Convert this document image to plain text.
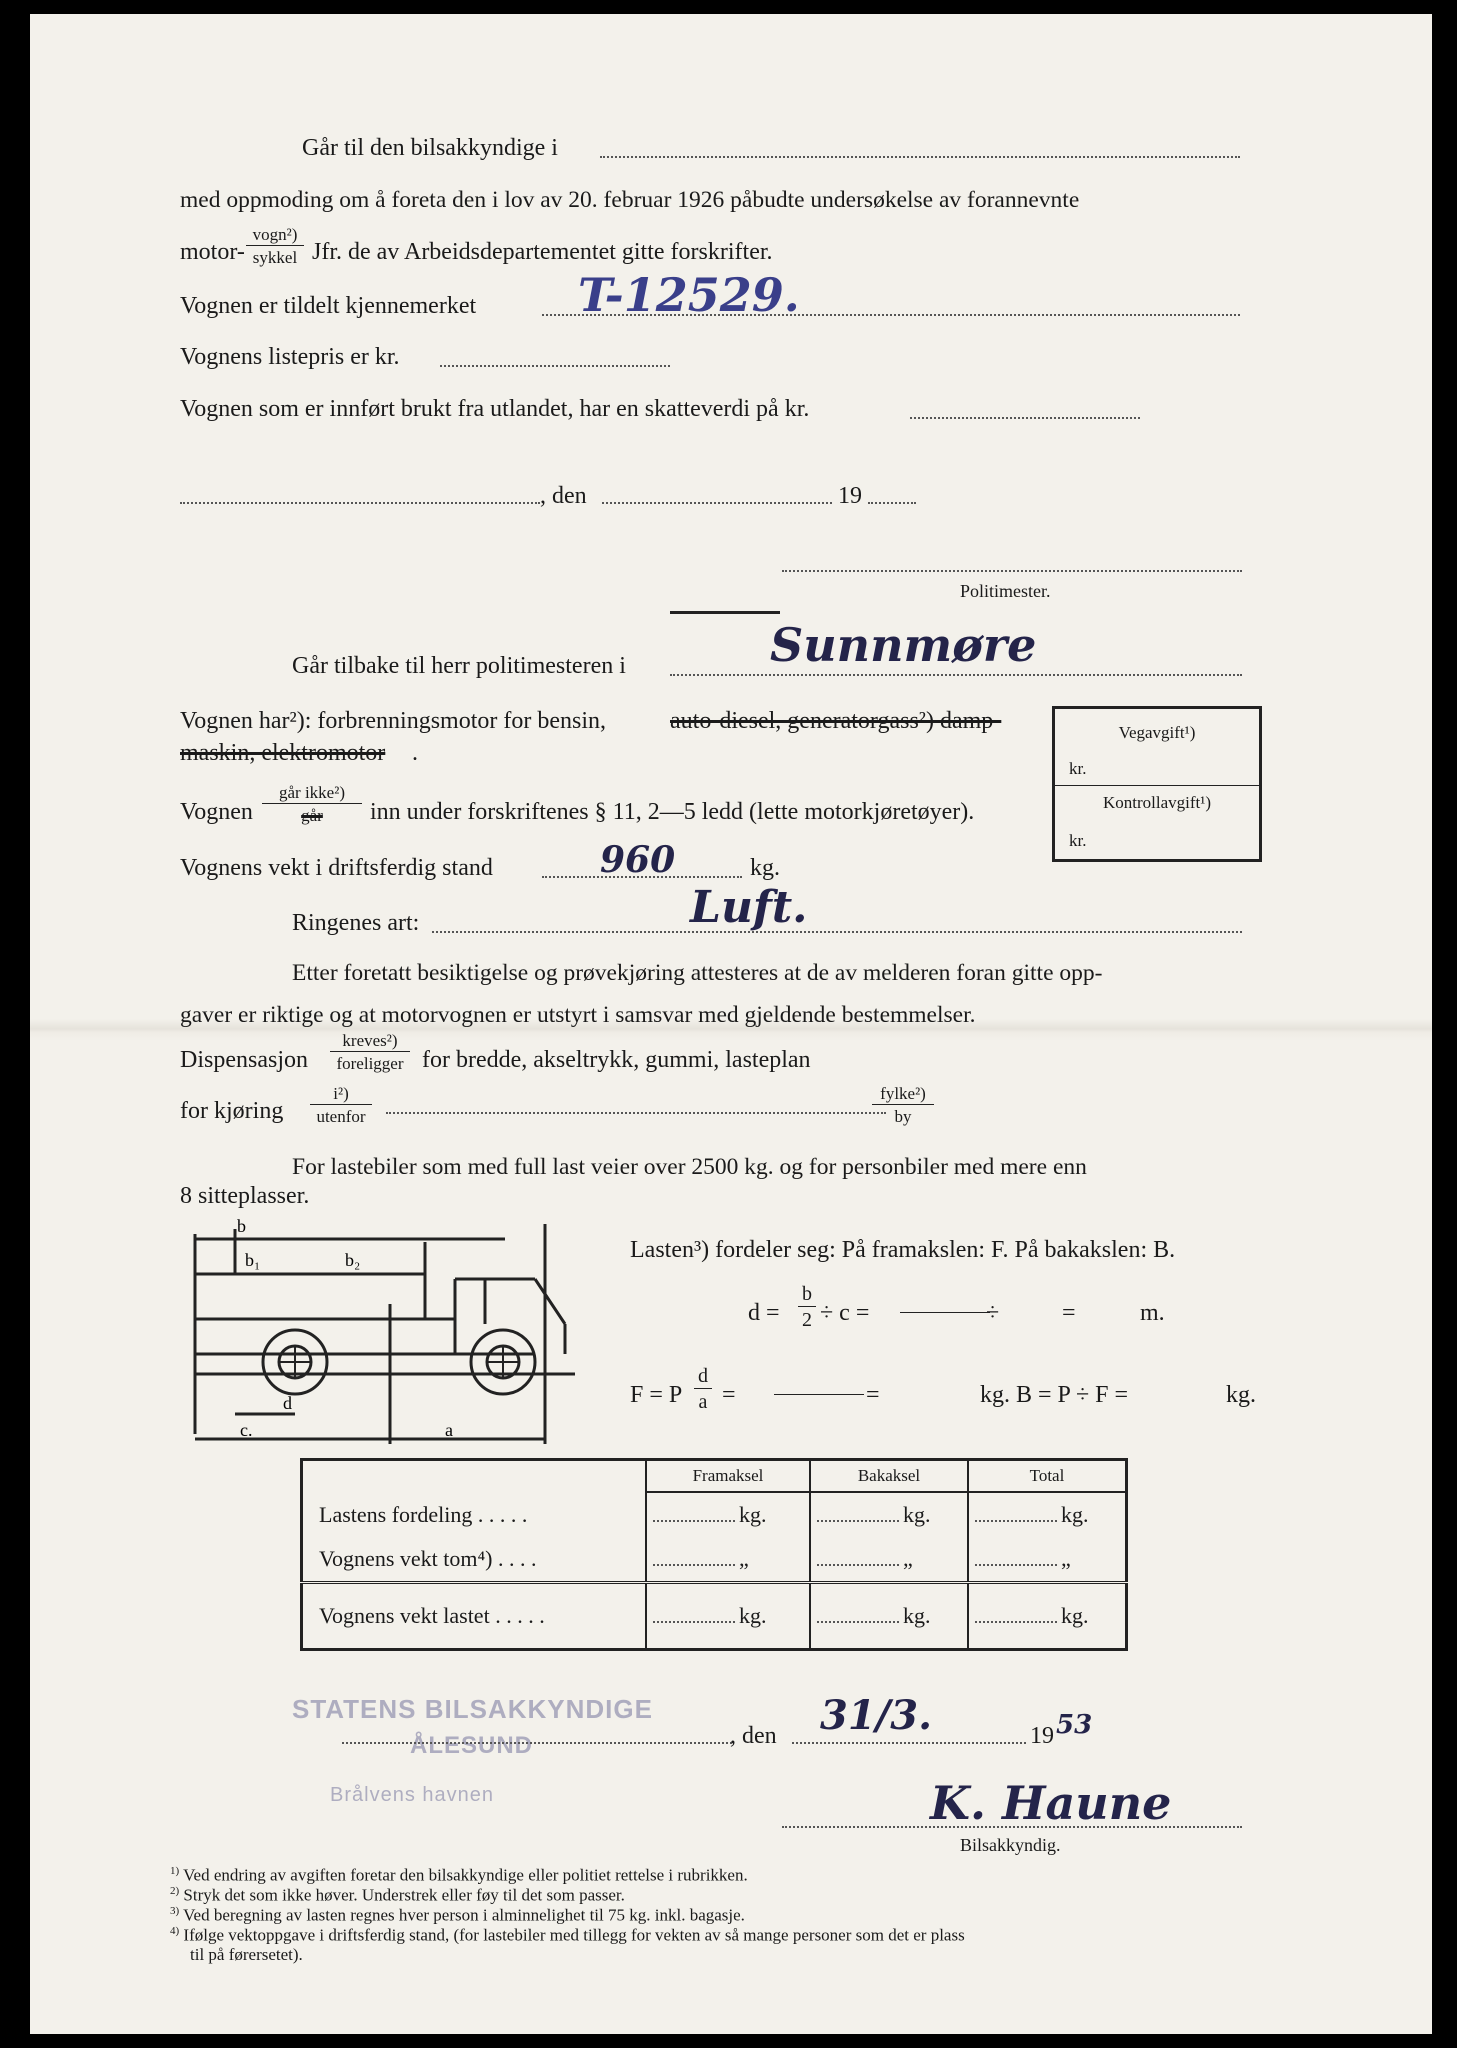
Går til den bilsakkyndige i
med oppmoding om å foreta den i lov av 20. februar 1926 påbudte undersøkelse av forannevnte
motor-
vogn²)
sykkel Jfr. de av Arbeidsdepartementet gitte forskrifter.
Vognen er tildelt kjennemerket T-12529.
Vognens listepris er kr.
Vognen som er innført brukt fra utlandet, har en skatteverdi på kr.
, den	19
Politimester.
Går tilbake til herr politimesteren i	Sunnmøre
Vognen har²): forbrenningsmotor for bensin,	auto-diesel, generatorgass²) damp-
maskin, elektromotor .
Vegavgift¹)
kr.
Kontrollavgift¹)
kr.
Vognen
går ikke²)
går	inn under forskriftenes § 11, 2—5 ledd (lette motorkjøretøyer).
Vognens vekt i driftsferdig stand	960	kg.
Ringenes art:	Luft.
Etter foretatt besiktigelse og prøvekjøring attesteres at de av melderen foran gitte opp-
gaver er riktige og at motorvognen er utstyrt i samsvar med gjeldende bestemmelser.
Dispensasjon
kreves²)
foreligger for bredde, akseltrykk, gummi, lasteplan
for kjøring
i²)
utenfor
fylke²)
by
For lastebiler som med full last veier over 2500 kg. og for personbiler med mere enn
8 sitteplasser.
b
b₁	b₂
c.
d
a
Lasten³) fordeler seg: På framakslen: F. På bakakslen: B.
$d = \frac{b}{2} \div c$ =	÷	=	m.
F = P $\frac{d}{a}$ =	=	kg. B = P ÷ F =	kg.
	Framaksel	Bakaksel	Total
Lastens fordeling . . . . .	kg.	kg.	kg.
Vognens vekt tom⁴) . . . .	„	„	„
Vognens vekt lastet . . . . .	kg.	kg.	kg.
STATENS BILSAKKYNDIGE
ÅLESUND
Brålvens havnen
, den 31/3.	19 53
K. Haune
Bilsakkyndig.
$^{1)}$ Ved endring av avgiften foretar den bilsakkyndige eller politiet rettelse i rubrikken.
$^{2)}$ Stryk det som ikke høver. Understrek eller føy til det som passer.
$^{3)}$ Ved beregning av lasten regnes hver person i alminnelighet til 75 kg. inkl. bagasje.
$^{4)}$ Ifølge vektoppgave i driftsferdig stand, (for lastebiler med tillegg for vekten av så mange personer som det er plass
til på førersetet).
